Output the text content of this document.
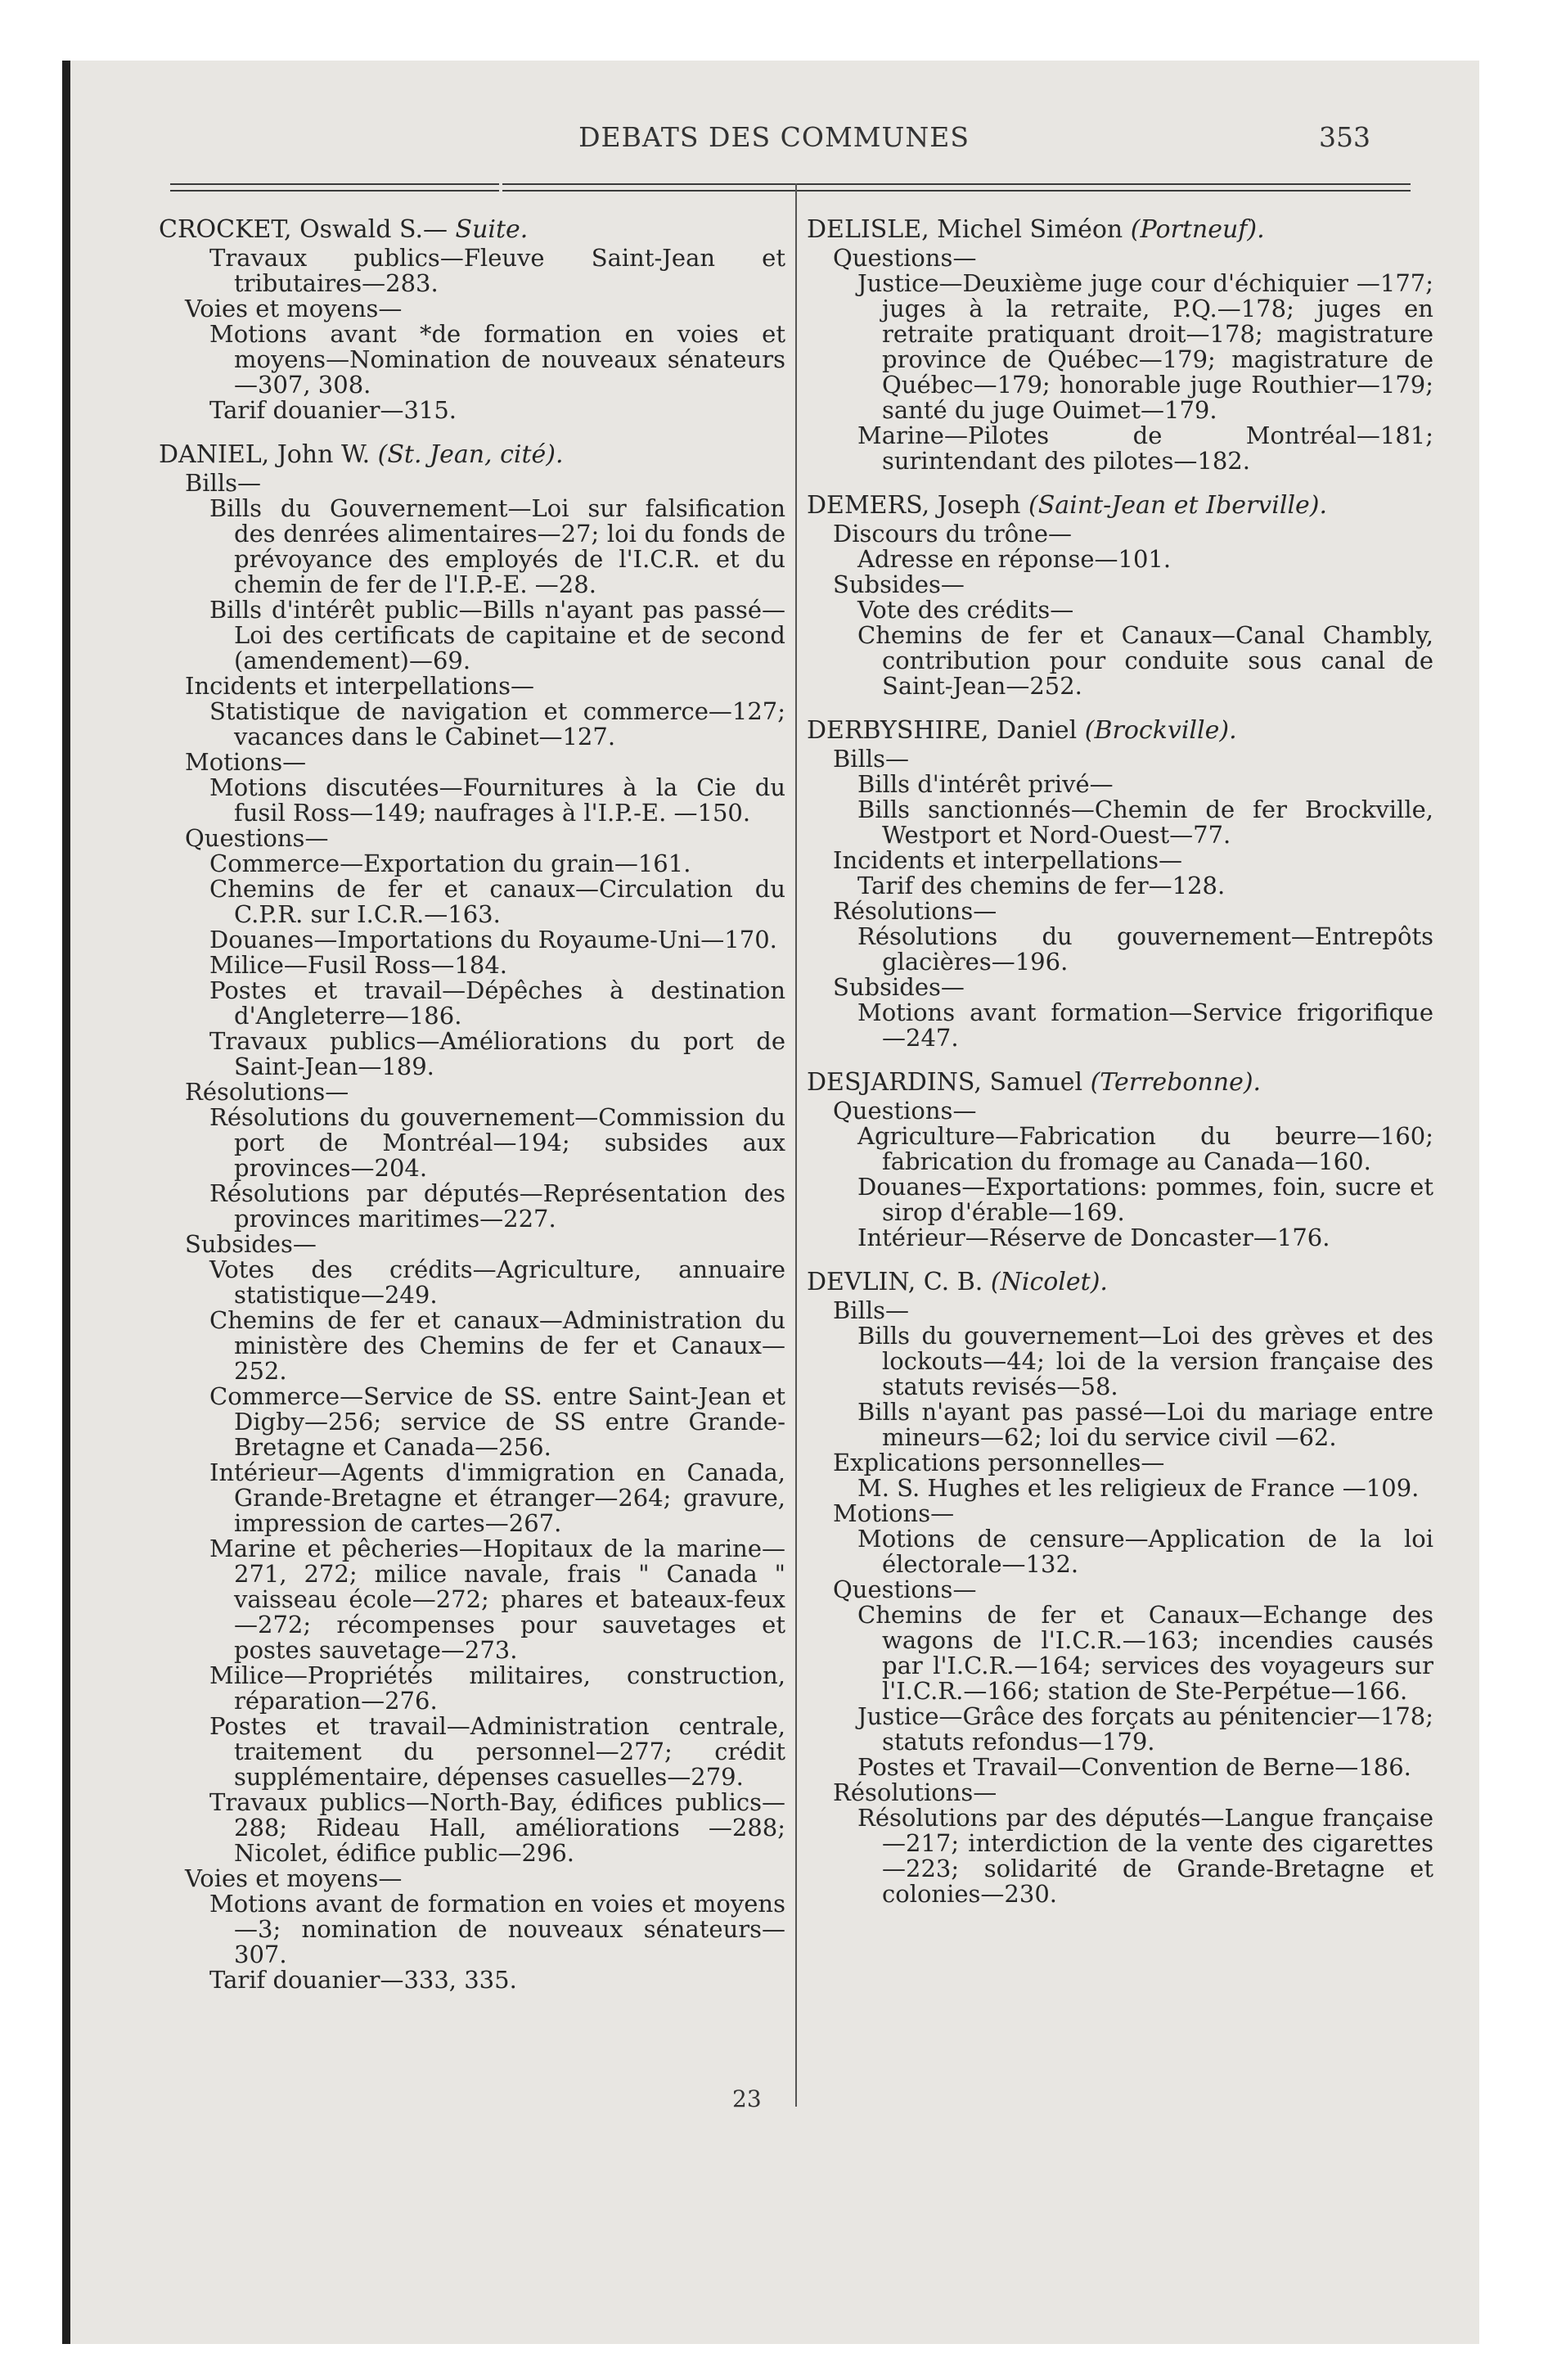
DEBATS DES COMMUNES	353
CROCKET, Oswald S.— Suite.
Travaux publics—Fleuve Saint-Jean et tributaires—283.
Voies et moyens—
Motions avant *de formation en voies et moyens—Nomination de nouveaux sénateurs—307, 308.
Tarif douanier—315.
DANIEL, John W. (St. Jean, cité).
Bills—
Bills du Gouvernement—Loi sur falsification des denrées alimentaires—27; loi du fonds de prévoyance des employés de l'I.C.R. et du chemin de fer de l'I.P.-E. —28.
Bills d'intérêt public—Bills n'ayant pas passé—Loi des certificats de capitaine et de second (amendement)—69.
Incidents et interpellations—
Statistique de navigation et commerce—127; vacances dans le Cabinet—127.
Motions—
Motions discutées—Fournitures à la Cie du fusil Ross—149; naufrages à l'I.P.-E. —150.
Questions—
Commerce—Exportation du grain—161.
Chemins de fer et canaux—Circulation du C.P.R. sur I.C.R.—163.
Douanes—Importations du Royaume-Uni—170.
Milice—Fusil Ross—184.
Postes et travail—Dépêches à destination d'Angleterre—186.
Travaux publics—Améliorations du port de Saint-Jean—189.
Résolutions—
Résolutions du gouvernement—Commission du port de Montréal—194; subsides aux provinces—204.
Résolutions par députés—Représentation des provinces maritimes—227.
Subsides—
Votes des crédits—Agriculture, annuaire statistique—249.
Chemins de fer et canaux—Administration du ministère des Chemins de fer et Canaux—252.
Commerce—Service de SS. entre Saint-Jean et Digby—256; service de SS entre Grande-Bretagne et Canada—256.
Intérieur—Agents d'immigration en Canada, Grande-Bretagne et étranger—264; gravure, impression de cartes—267.
Marine et pêcheries—Hopitaux de la marine—271, 272; milice navale, frais " Canada " vaisseau école—272; phares et bateaux-feux—272; récompenses pour sauvetages et postes sauvetage—273.
Milice—Propriétés militaires, construction, réparation—276.
Postes et travail—Administration centrale, traitement du personnel—277; crédit supplémentaire, dépenses casuelles—279.
Travaux publics—North-Bay, édifices publics—288; Rideau Hall, améliorations —288; Nicolet, édifice public—296.
Voies et moyens—
Motions avant de formation en voies et moyens—3; nomination de nouveaux sénateurs—307.
Tarif douanier—333, 335.
DELISLE, Michel Siméon (Portneuf).
Questions—
Justice—Deuxième juge cour d'échiquier —177; juges à la retraite, P.Q.—178; juges en retraite pratiquant droit—178; magistrature province de Québec—179; magistrature de Québec—179; honorable juge Routhier—179; santé du juge Ouimet—179.
Marine—Pilotes de Montréal—181; surintendant des pilotes—182.
DEMERS, Joseph (Saint-Jean et Iberville).
Discours du trône—
Adresse en réponse—101.
Subsides—
Vote des crédits—
Chemins de fer et Canaux—Canal Chambly, contribution pour conduite sous canal de Saint-Jean—252.
DERBYSHIRE, Daniel (Brockville).
Bills—
Bills d'intérêt privé—
Bills sanctionnés—Chemin de fer Brockville, Westport et Nord-Ouest—77.
Incidents et interpellations—
Tarif des chemins de fer—128.
Résolutions—
Résolutions du gouvernement—Entrepôts glacières—196.
Subsides—
Motions avant formation—Service frigorifique—247.
DESJARDINS, Samuel (Terrebonne).
Questions—
Agriculture—Fabrication du beurre—160; fabrication du fromage au Canada—160.
Douanes—Exportations: pommes, foin, sucre et sirop d'érable—169.
Intérieur—Réserve de Doncaster—176.
DEVLIN, C. B. (Nicolet).
Bills—
Bills du gouvernement—Loi des grèves et des lockouts—44; loi de la version française des statuts revisés—58.
Bills n'ayant pas passé—Loi du mariage entre mineurs—62; loi du service civil —62.
Explications personnelles—
M. S. Hughes et les religieux de France —109.
Motions—
Motions de censure—Application de la loi électorale—132.
Questions—
Chemins de fer et Canaux—Echange des wagons de l'I.C.R.—163; incendies causés par l'I.C.R.—164; services des voyageurs sur l'I.C.R.—166; station de Ste-Perpétue—166.
Justice—Grâce des forçats au pénitencier—178; statuts refondus—179.
Postes et Travail—Convention de Berne—186.
Résolutions—
Résolutions par des députés—Langue française—217; interdiction de la vente des cigarettes—223; solidarité de Grande-Bretagne et colonies—230.
23
